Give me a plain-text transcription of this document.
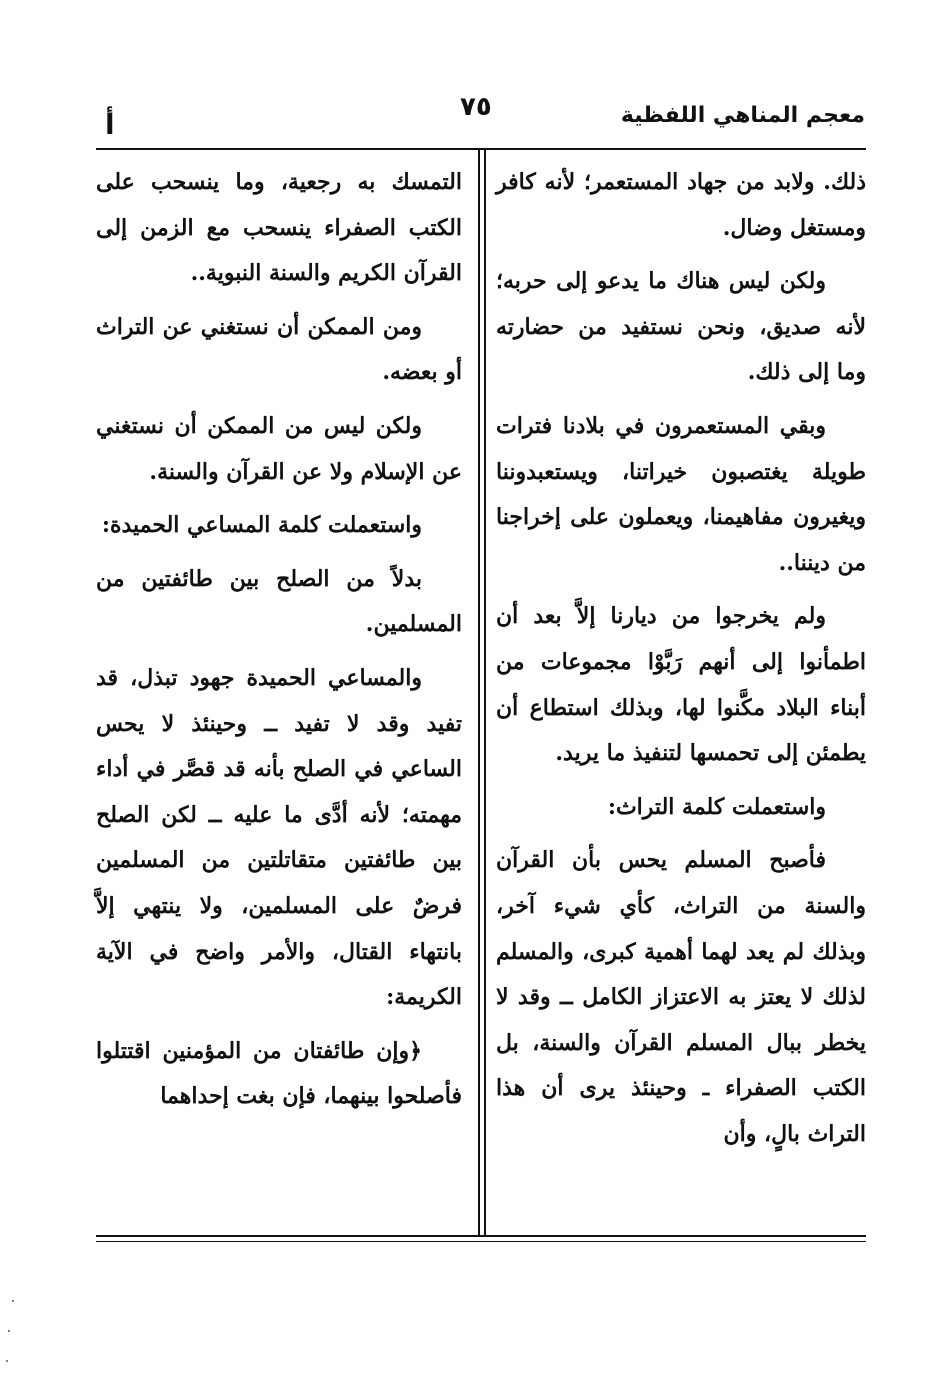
معجم المناهي اللفظية
٧٥
أ

ذلك. ولابد من جهاد المستعمر؛ لأنه كافر ومستغل وضال.

ولكن ليس هناك ما يدعو إلى حربه؛ لأنه صديق، ونحن نستفيد من حضارته وما إلى ذلك.

وبقي المستعمرون في بلادنا فترات طويلة يغتصبون خيراتنا، ويستعبدوننا ويغيرون مفاهيمنا، ويعملون على إخراجنا من ديننا..

ولم يخرجوا من ديارنا إلاَّ بعد أن اطمأنوا إلى أنهم رَبَّوْا مجموعات من أبناء البلاد مكَّنوا لها، وبذلك استطاع أن يطمئن إلى تحمسها لتنفيذ ما يريد.

واستعملت كلمة التراث:

فأصبح المسلم يحس بأن القرآن والسنة من التراث، كأي شيء آخر، وبذلك لم يعد لهما أهمية كبرى، والمسلم لذلك لا يعتز به الاعتزاز الكامل ــ وقد لا يخطر ببال المسلم القرآن والسنة، بل الكتب الصفراء ـ وحينئذ يرى أن هذا التراث بالٍ، وأن

التمسك به رجعية، وما ينسحب على الكتب الصفراء ينسحب مع الزمن إلى القرآن الكريم والسنة النبوية..

ومن الممكن أن نستغني عن التراث أو بعضه.

ولكن ليس من الممكن أن نستغني عن الإسلام ولا عن القرآن والسنة.

واستعملت كلمة المساعي الحميدة:

بدلاً من الصلح بين طائفتين من المسلمين.

والمساعي الحميدة جهود تبذل، قد تفيد وقد لا تفيد ــ وحينئذ لا يحس الساعي في الصلح بأنه قد قصَّر في أداء مهمته؛ لأنه أدَّى ما عليه ــ لكن الصلح بين طائفتين متقاتلتين من المسلمين فرضٌ على المسلمين، ولا ينتهي إلاَّ بانتهاء القتال، والأمر واضح في الآية الكريمة:

﴿وإن طائفتان من المؤمنين اقتتلوا فأصلحوا بينهما، فإن بغت إحداهما
